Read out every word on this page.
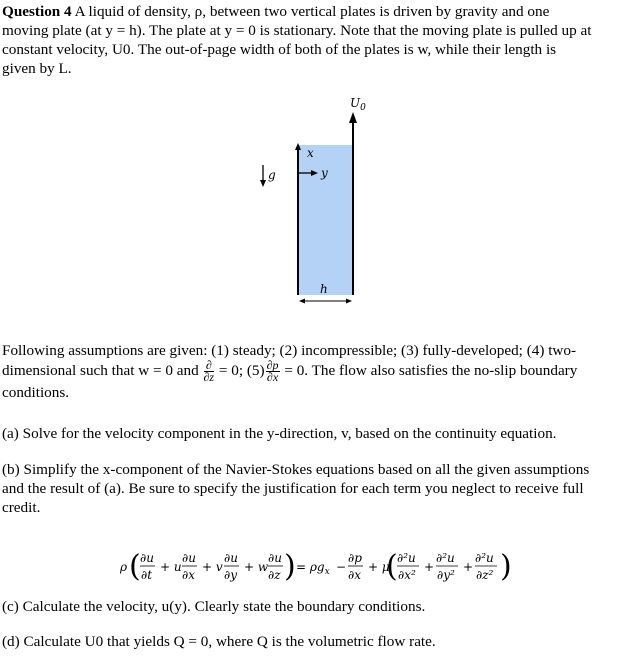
Question 4 A liquid of density, ρ, between two vertical plates is driven by gravity and one
moving plate (at y = h). The plate at y = 0 is stationary. Note that the moving plate is pulled up at
constant velocity, U0. The out-of-page width of both of the plates is w, while their length is
given by L.
$U_0$
x
y
g
h
Following assumptions are given: (1) steady; (2) incompressible; (3) fully-developed; (4) two-
dimensional such that w = 0 and $\frac{\partial}{\partial z} = 0$; $(5) \frac{\partial p}{\partial x} = 0$. The flow also satisfies the no-slip boundary
conditions.
(a) Solve for the velocity component in the y-direction, v, based on the continuity equation.
(b) Simplify the x-component of the Navier-Stokes equations based on all the given assumptions
and the result of (a). Be sure to specify the justification for each term you neglect to receive full
credit.
ρ ( ∂u
∂t
+ u
∂u
∂x
+ v
∂u
∂y
+ w
∂u
∂z ) = $\rho g_x$ −
∂p
∂x
+ μ
( ∂²u
∂x²
+
∂²u
∂y²
+
∂²u
∂z² )
(c) Calculate the velocity, u(y). Clearly state the boundary conditions.
(d) Calculate U0 that yields Q = 0, where Q is the volumetric flow rate.
